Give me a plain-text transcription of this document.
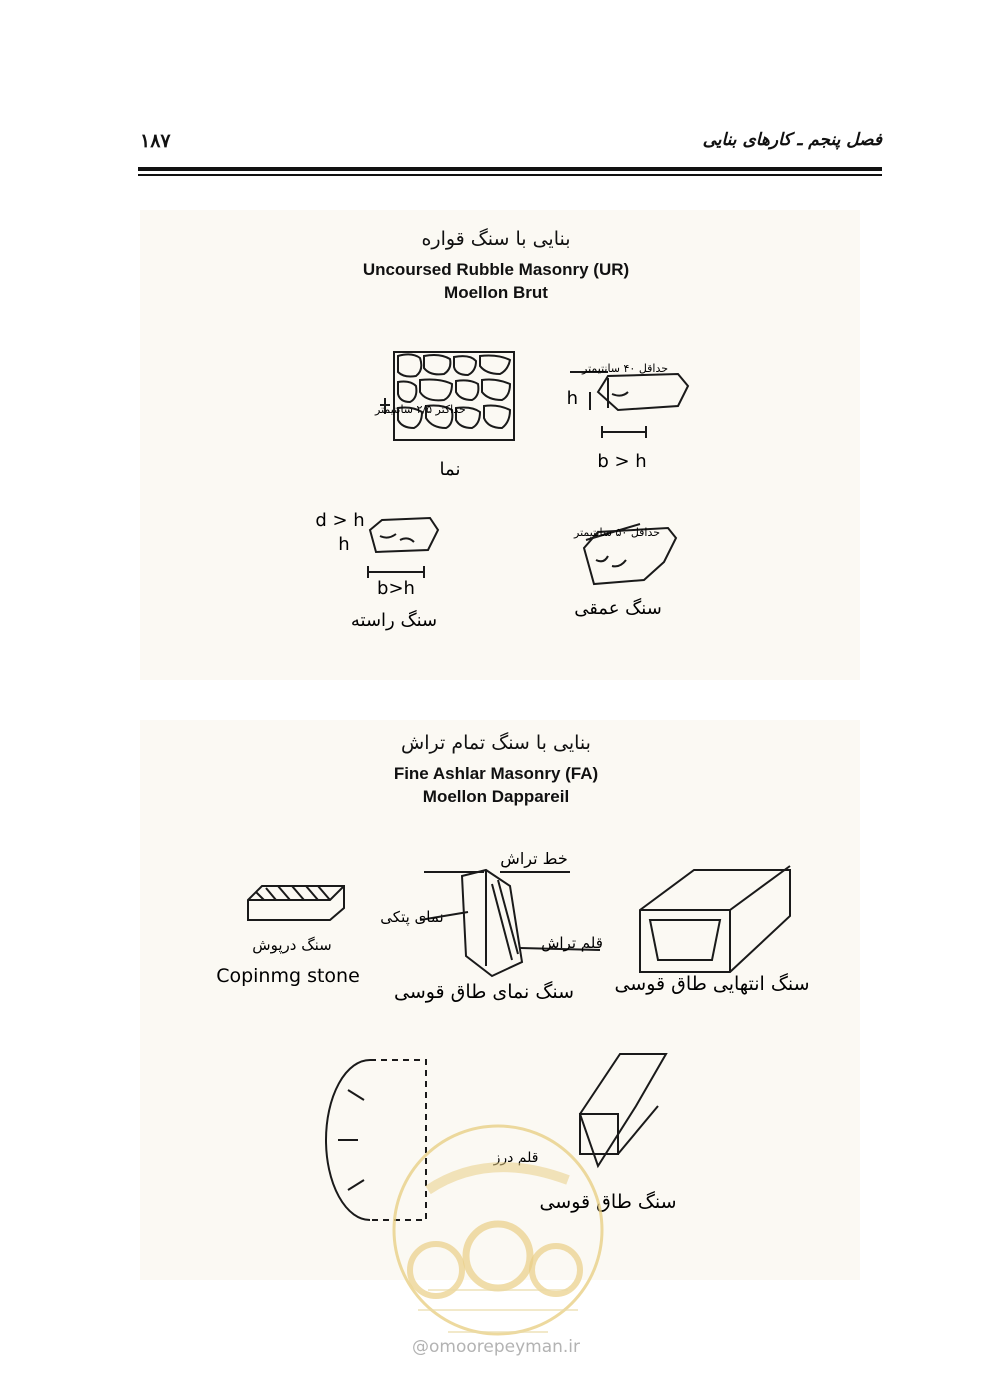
۱۸۷	فصل پنجم ـ کارهای بنایی
بنایی با سنگ قواره
Uncoursed Rubble Masonry (UR)
Moellon Brut
نما
حداکثر ۲/۵ سانتیمتر
حداقل ۴۰ سانتیمتر
h
b > h
d > h
h
b>h
سنگ راسته
حداقل ۵۰ سانتیمتر
سنگ عمقی
بنایی با سنگ تمام تراش
Fine Ashlar Masonry (FA)
Moellon Dappareil
خط تراش
نمای پتکی
قلم تراش
سنگ درپوش
Copinmg stone
سنگ نمای طاق قوسی سنگ انتهایی طاق قوسی
قلم درز
سنگ طاق قوسی
@omoorepeyman.ir
